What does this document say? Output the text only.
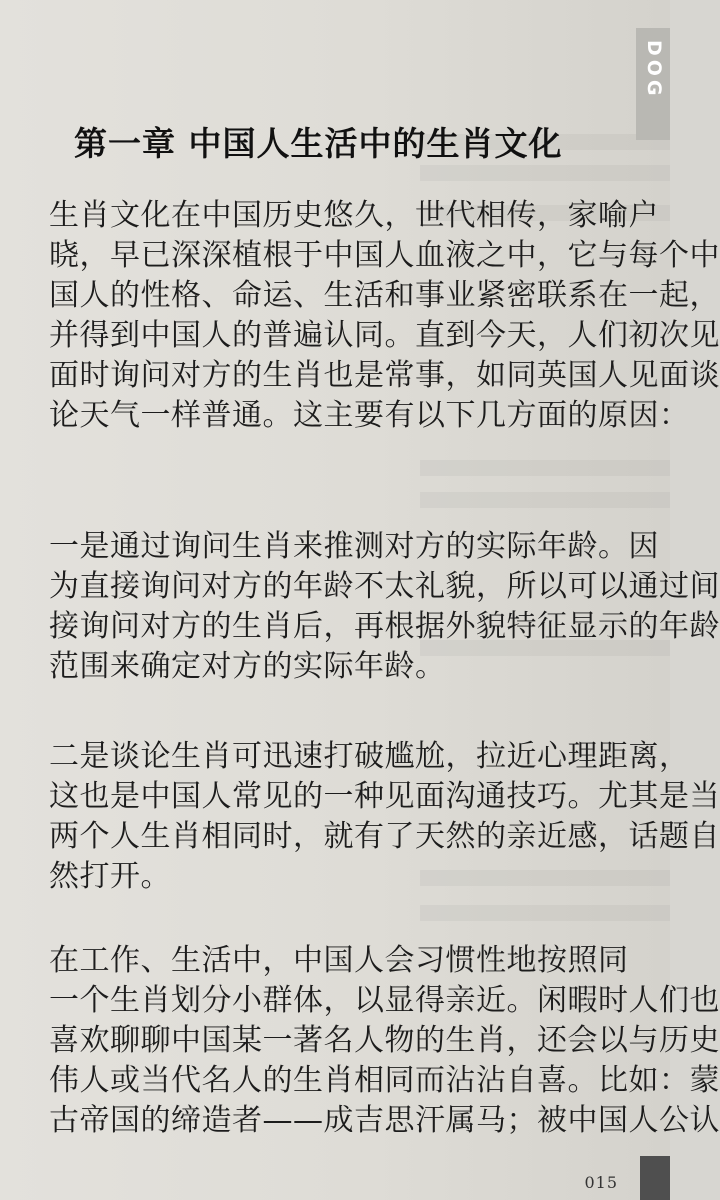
DOG
第一章 中国人生活中的生肖文化
生肖文化在中国历史悠久，世代相传，家喻户
晓，早已深深植根于中国人血液之中，它与每个中
国人的性格、命运、生活和事业紧密联系在一起，
并得到中国人的普遍认同。直到今天，人们初次见
面时询问对方的生肖也是常事，如同英国人见面谈
论天气一样普通。这主要有以下几方面的原因：
一是通过询问生肖来推测对方的实际年龄。因
为直接询问对方的年龄不太礼貌，所以可以通过间
接询问对方的生肖后，再根据外貌特征显示的年龄
范围来确定对方的实际年龄。
二是谈论生肖可迅速打破尴尬，拉近心理距离，
这也是中国人常见的一种见面沟通技巧。尤其是当
两个人生肖相同时，就有了天然的亲近感，话题自
然打开。
在工作、生活中，中国人会习惯性地按照同
一个生肖划分小群体，以显得亲近。闲暇时人们也
喜欢聊聊中国某一著名人物的生肖，还会以与历史
伟人或当代名人的生肖相同而沾沾自喜。比如：蒙
古帝国的缔造者——成吉思汗属马；被中国人公认
015
